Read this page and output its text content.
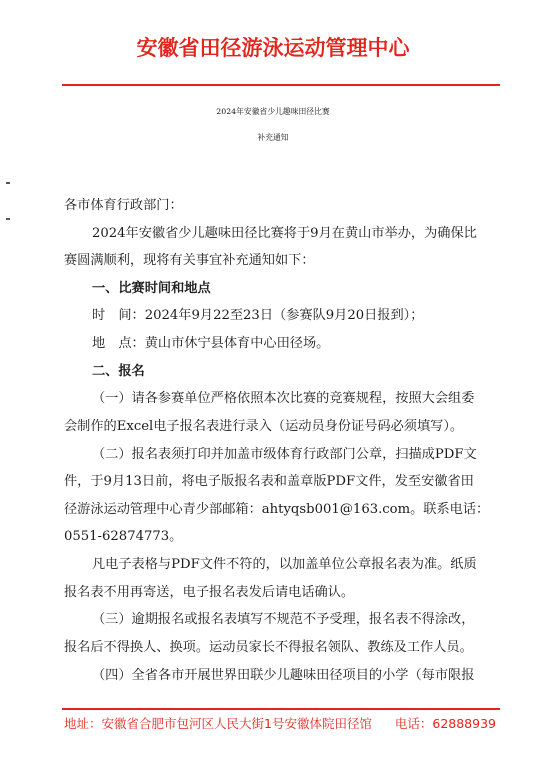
安徽省田径游泳运动管理中心
2024年安徽省少儿趣味田径比赛
补充通知
各市体育行政部门：
2024年安徽省少儿趣味田径比赛将于9月在黄山市举办，为确保比
赛圆满顺利，现将有关事宜补充通知如下：
一、比赛时间和地点
时　间：2024年9月22至23日（参赛队9月20日报到）；
地　点：黄山市休宁县体育中心田径场。
二、报名
（一）请各参赛单位严格依照本次比赛的竞赛规程，按照大会组委
会制作的Excel电子报名表进行录入（运动员身份证号码必须填写）。
（二）报名表须打印并加盖市级体育行政部门公章，扫描成PDF文
件，于9月13日前，将电子版报名表和盖章版PDF文件，发至安徽省田
径游泳运动管理中心青少部邮箱：ahtyqsb001@163.com。联系电话：
0551-62874773。
凡电子表格与PDF文件不符的，以加盖单位公章报名表为准。纸质
报名表不用再寄送，电子报名表发后请电话确认。
（三）逾期报名或报名表填写不规范不予受理，报名表不得涂改，
报名后不得换人、换项。运动员家长不得报名领队、教练及工作人员。
（四）全省各市开展世界田联少儿趣味田径项目的小学（每市限报
地址：安徽省合肥市包河区人民大街1号安徽体院田径馆 电话：62888939
